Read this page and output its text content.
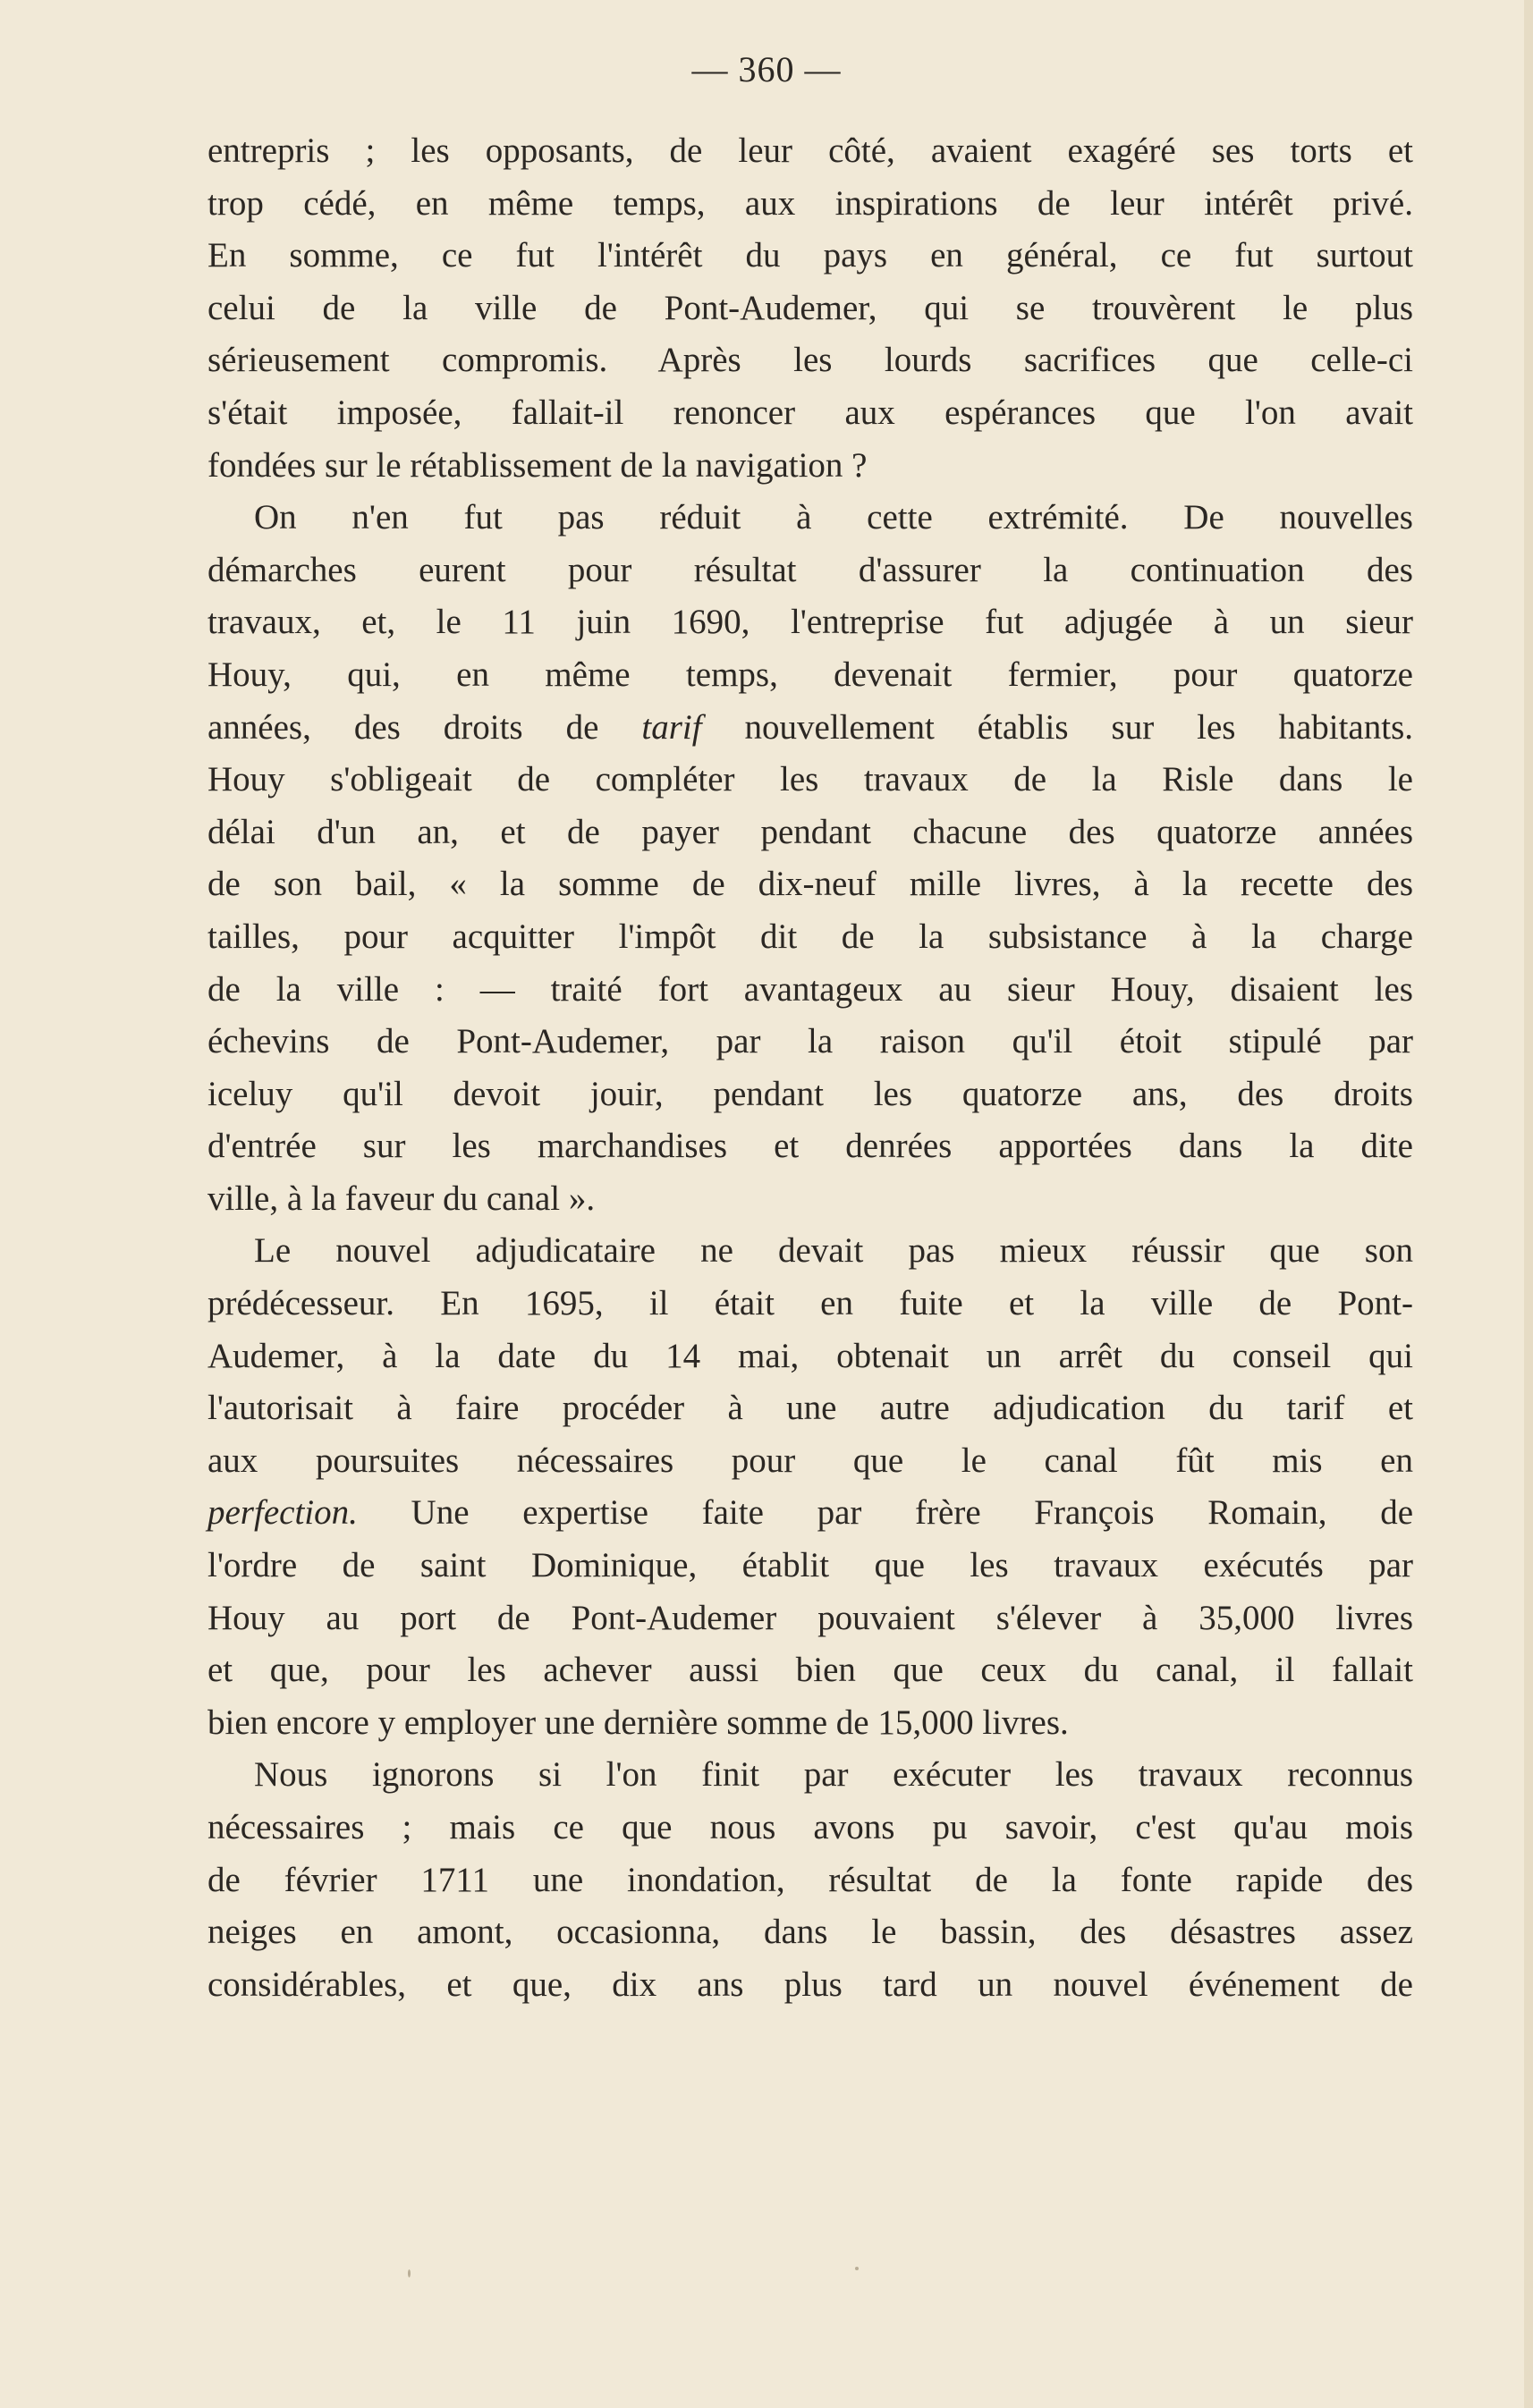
— 360 —
entrepris ; les opposants, de leur côté, avaient exagéré ses torts et
trop cédé, en même temps, aux inspirations de leur intérêt privé.
En somme, ce fut l'intérêt du pays en général, ce fut surtout
celui de la ville de Pont-Audemer, qui se trouvèrent le plus
sérieusement compromis. Après les lourds sacrifices que celle-ci
s'était imposée, fallait-il renoncer aux espérances que l'on avait
fondées sur le rétablissement de la navigation ?
On n'en fut pas réduit à cette extrémité. De nouvelles
démarches eurent pour résultat d'assurer la continuation des
travaux, et, le 11 juin 1690, l'entreprise fut adjugée à un sieur
Houy, qui, en même temps, devenait fermier, pour quatorze
années, des droits de tarif nouvellement établis sur les habitants.
Houy s'obligeait de compléter les travaux de la Risle dans le
délai d'un an, et de payer pendant chacune des quatorze années
de son bail, « la somme de dix-neuf mille livres, à la recette des
tailles, pour acquitter l'impôt dit de la subsistance à la charge
de la ville : — traité fort avantageux au sieur Houy, disaient les
échevins de Pont-Audemer, par la raison qu'il étoit stipulé par
iceluy qu'il devoit jouir, pendant les quatorze ans, des droits
d'entrée sur les marchandises et denrées apportées dans la dite
ville, à la faveur du canal ».
Le nouvel adjudicataire ne devait pas mieux réussir que son
prédécesseur. En 1695, il était en fuite et la ville de Pont-
Audemer, à la date du 14 mai, obtenait un arrêt du conseil qui
l'autorisait à faire procéder à une autre adjudication du tarif et
aux poursuites nécessaires pour que le canal fût mis en
perfection. Une expertise faite par frère François Romain, de
l'ordre de saint Dominique, établit que les travaux exécutés par
Houy au port de Pont-Audemer pouvaient s'élever à 35,000 livres
et que, pour les achever aussi bien que ceux du canal, il fallait
bien encore y employer une dernière somme de 15,000 livres.
Nous ignorons si l'on finit par exécuter les travaux reconnus
nécessaires ; mais ce que nous avons pu savoir, c'est qu'au mois
de février 1711 une inondation, résultat de la fonte rapide des
neiges en amont, occasionna, dans le bassin, des désastres assez
considérables, et que, dix ans plus tard un nouvel événement de
